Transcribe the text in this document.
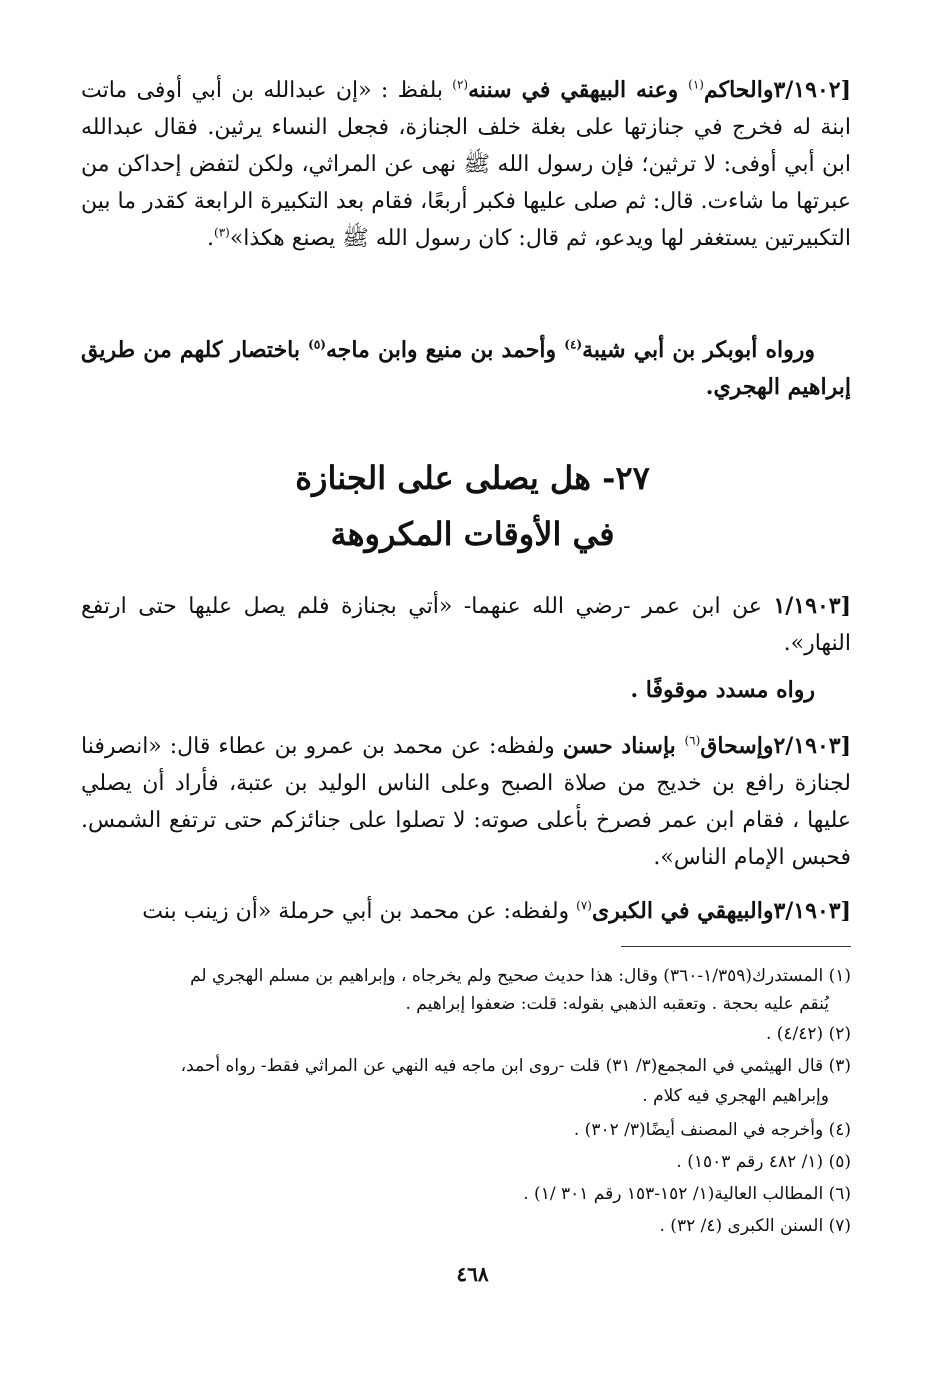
[٣/١٩٠٢والحاكم$^{(١)}$ وعنه البيهقي في سننه$^{(٢)}$ بلفظ : «إن عبدالله بن أبي أوفى ماتت ابنة له فخرج في جنازتها على بغلة خلف الجنازة، فجعل النساء يرثين. فقال عبدالله ابن أبي أوفى: لا ترثين؛ فإن رسول الله ﷺ نهى عن المراثي، ولكن لتفض إحداكن من عبرتها ما شاءت. قال: ثم صلى عليها فكبر أربعًا، فقام بعد التكبيرة الرابعة كقدر ما بين التكبيرتين يستغفر لها ويدعو، ثم قال: كان رسول الله ﷺ يصنع هكذا»$^{(٣)}$.

ورواه أبوبكر بن أبي شيبة$^{(٤)}$ وأحمد بن منيع وابن ماجه$^{(٥)}$ باختصار كلهم من طريق إبراهيم الهجري.

٢٧- هل يصلى على الجنازة
في الأوقات المكروهة

[١/١٩٠٣ عن ابن عمر -رضي الله عنهما- «أتي بجنازة فلم يصل عليها حتى ارتفع النهار».

رواه مسدد موقوفًا .

[٢/١٩٠٣وإسحاق$^{(٦)}$ بإسناد حسن ولفظه: عن محمد بن عمرو بن عطاء قال: «انصرفنا لجنازة رافع بن خديج من صلاة الصبح وعلى الناس الوليد بن عتبة، فأراد أن يصلي عليها ، فقام ابن عمر فصرخ بأعلى صوته: لا تصلوا على جنائزكم حتى ترتفع الشمس. فحبس الإمام الناس».

[٣/١٩٠٣والبيهقي في الكبرى$^{(٧)}$ ولفظه: عن محمد بن أبي حرملة «أن زينب بنت

(١) المستدرك(١/٣٥٩-٣٦٠) وقال: هذا حديث صحيح ولم يخرجاه ، وإبراهيم بن مسلم الهجري لم

يُنقم عليه بحجة . وتعقبه الذهبي بقوله: قلت: ضعفوا إبراهيم .

(٢) (٤/٤٢) .

(٣) قال الهيثمي في المجمع(٣/ ٣١) قلت -روى ابن ماجه فيه النهي عن المراثي فقط- رواه أحمد،

وإبراهيم الهجري فيه كلام .

(٤) وأخرجه في المصنف أيضًا(٣/ ٣٠٢) .

(٥) (١/ ٤٨٢ رقم ١٥٠٣) .

(٦) المطالب العالية(١/ ١٥٢-١٥٣ رقم ٣٠١ /١) .

(٧) السنن الكبرى (٤/ ٣٢) .

٤٦٨
